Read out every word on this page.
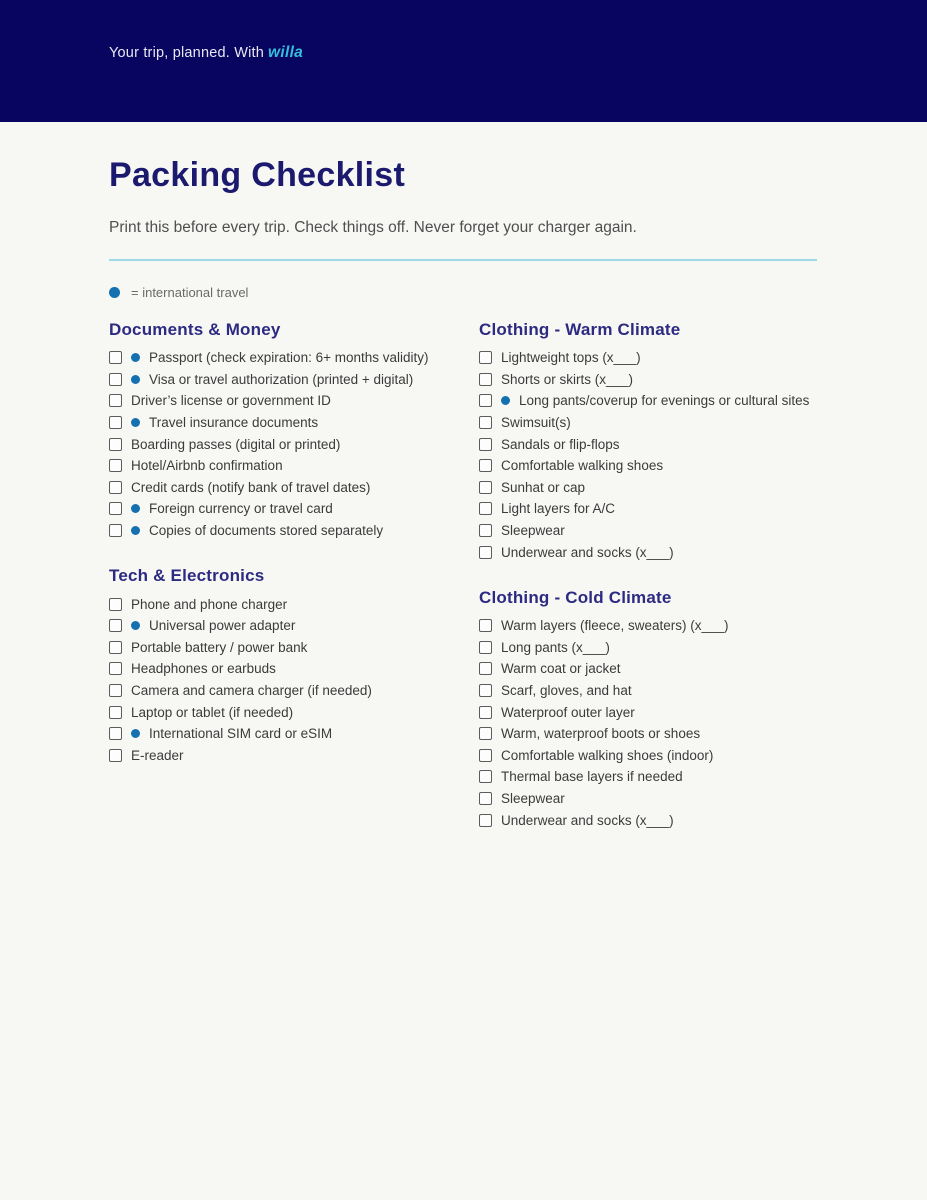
Your trip, planned. With willa
Packing Checklist

Print this before every trip. Check things off. Never forget your charger again.

= international travel
Documents & Money
Passport (check expiration: 6+ months validity)
Visa or travel authorization (printed + digital)
Driver’s license or government ID
Travel insurance documents
Boarding passes (digital or printed)
Hotel/Airbnb confirmation
Credit cards (notify bank of travel dates)
Foreign currency or travel card
Copies of documents stored separately
Tech & Electronics
Phone and phone charger
Universal power adapter
Portable battery / power bank
Headphones or earbuds
Camera and camera charger (if needed)
Laptop or tablet (if needed)
International SIM card or eSIM
E-reader
Clothing - Warm Climate
Lightweight tops (x___)
Shorts or skirts (x___)
Long pants/coverup for evenings or cultural sites
Swimsuit(s)
Sandals or flip-flops
Comfortable walking shoes
Sunhat or cap
Light layers for A/C
Sleepwear
Underwear and socks (x___)
Clothing - Cold Climate
Warm layers (fleece, sweaters) (x___)
Long pants (x___)
Warm coat or jacket
Scarf, gloves, and hat
Waterproof outer layer
Warm, waterproof boots or shoes
Comfortable walking shoes (indoor)
Thermal base layers if needed
Sleepwear
Underwear and socks (x___)
